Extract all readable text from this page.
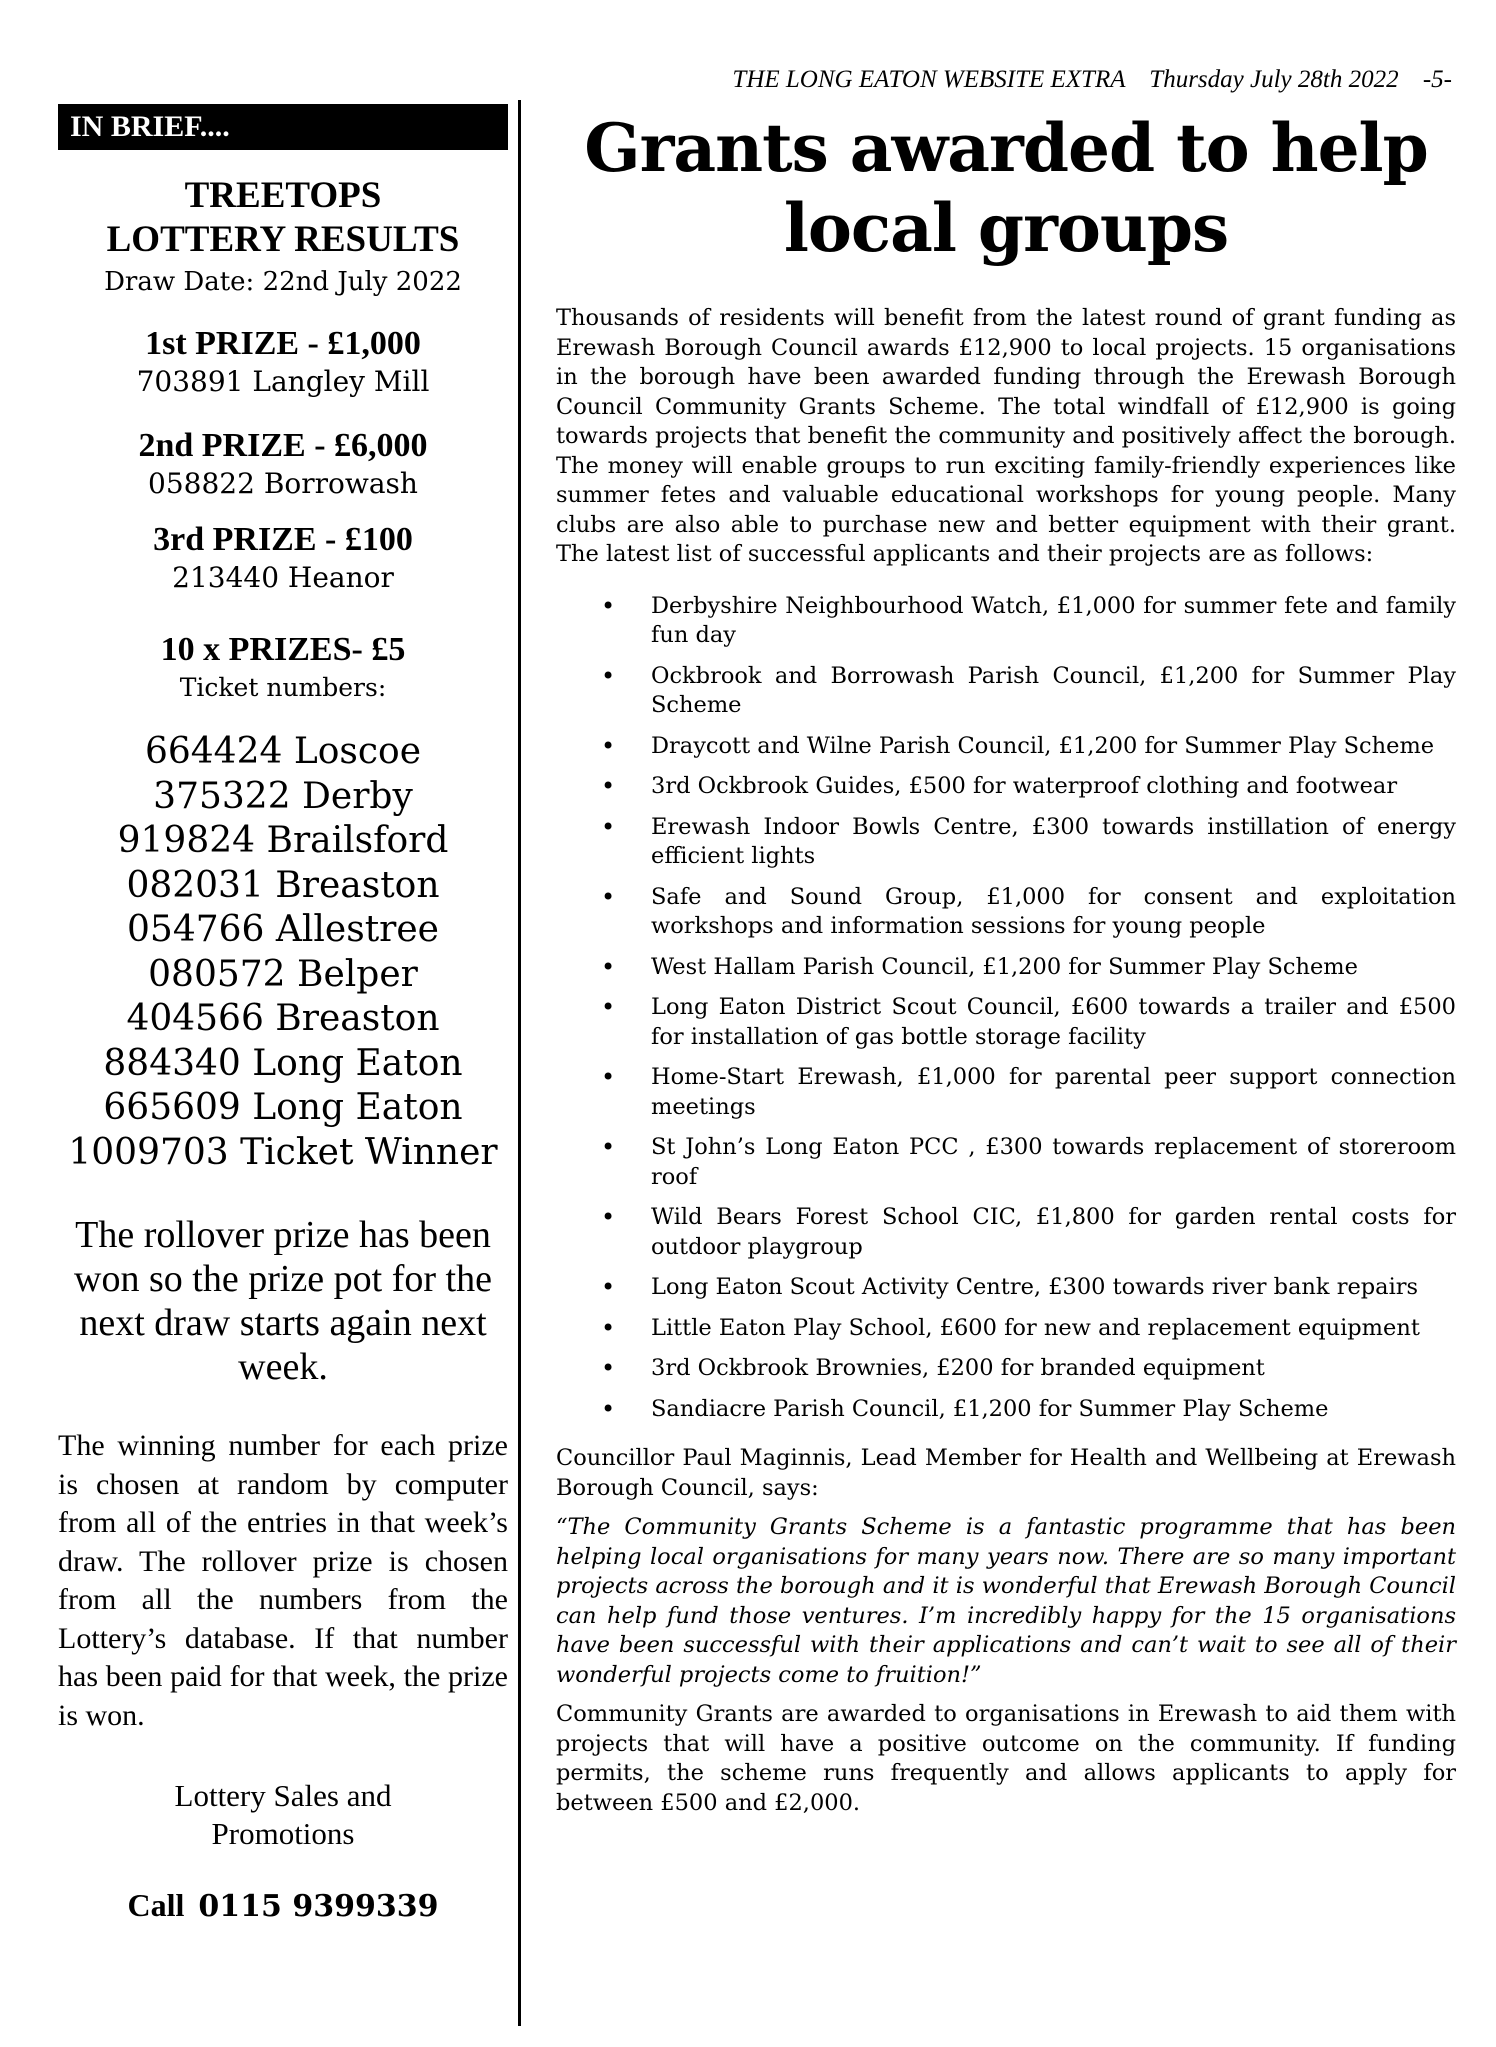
THE LONG EATON WEBSITE EXTRA Thursday July 28th 2022 -5-
IN BRIEF....
TREETOPS
LOTTERY RESULTS
Draw Date: 22nd July 2022
1st PRIZE - £1,000
703891 Langley Mill
2nd PRIZE - £6,000
058822 Borrowash
3rd PRIZE - £100
213440 Heanor
10 x PRIZES- £5
Ticket numbers:
664424 Loscoe
375322 Derby
919824 Brailsford
082031 Breaston
054766 Allestree
080572 Belper
404566 Breaston
884340 Long Eaton
665609 Long Eaton
1009703 Ticket Winner
The rollover prize has been won so the prize pot for the next draw starts again next week.
The winning number for each prize is chosen at random by computer from all of the entries in that week’s draw. The rollover prize is chosen from all the numbers from the Lottery’s database. If that number has been paid for that week, the prize is won.
Lottery Sales and
Promotions
Call 0115 9399339
Grants awarded to help
local groups

Thousands of residents will benefit from the latest round of grant funding as Erewash Borough Council awards £12,900 to local projects. 15 organisations in the borough have been awarded funding through the Erewash Borough Council Community Grants Scheme. The total windfall of £12,900 is going towards projects that benefit the community and positively affect the borough. The money will enable groups to run exciting family-friendly experiences like summer fetes and valuable educational workshops for young people. Many clubs are also able to purchase new and better equipment with their grant. The latest list of successful applicants and their projects are as follows:

• Derbyshire Neighbourhood Watch, £1,000 for summer fete and family fun day
• Ockbrook and Borrowash Parish Council, £1,200 for Summer Play Scheme
• Draycott and Wilne Parish Council, £1,200 for Summer Play Scheme
• 3rd Ockbrook Guides, £500 for waterproof clothing and footwear
• Erewash Indoor Bowls Centre, £300 towards instillation of energy efficient lights
• Safe and Sound Group, £1,000 for consent and exploitation workshops and information sessions for young people
• West Hallam Parish Council, £1,200 for Summer Play Scheme
• Long Eaton District Scout Council, £600 towards a trailer and £500 for installation of gas bottle storage facility
• Home-Start Erewash, £1,000 for parental peer support connection meetings
• St John’s Long Eaton PCC , £300 towards replacement of storeroom roof
• Wild Bears Forest School CIC, £1,800 for garden rental costs for outdoor playgroup
• Long Eaton Scout Activity Centre, £300 towards river bank repairs
• Little Eaton Play School, £600 for new and replacement equipment
• 3rd Ockbrook Brownies, £200 for branded equipment
• Sandiacre Parish Council, £1,200 for Summer Play Scheme

Councillor Paul Maginnis, Lead Member for Health and Wellbeing at Erewash Borough Council, says:

“The Community Grants Scheme is a fantastic programme that has been helping local organisations for many years now. There are so many important projects across the borough and it is wonderful that Erewash Borough Council can help fund those ventures. I’m incredibly happy for the 15 organisations have been successful with their applications and can’t wait to see all of their wonderful projects come to fruition!”

Community Grants are awarded to organisations in Erewash to aid them with projects that will have a positive outcome on the community. If funding permits, the scheme runs frequently and allows applicants to apply for between £500 and £2,000.
